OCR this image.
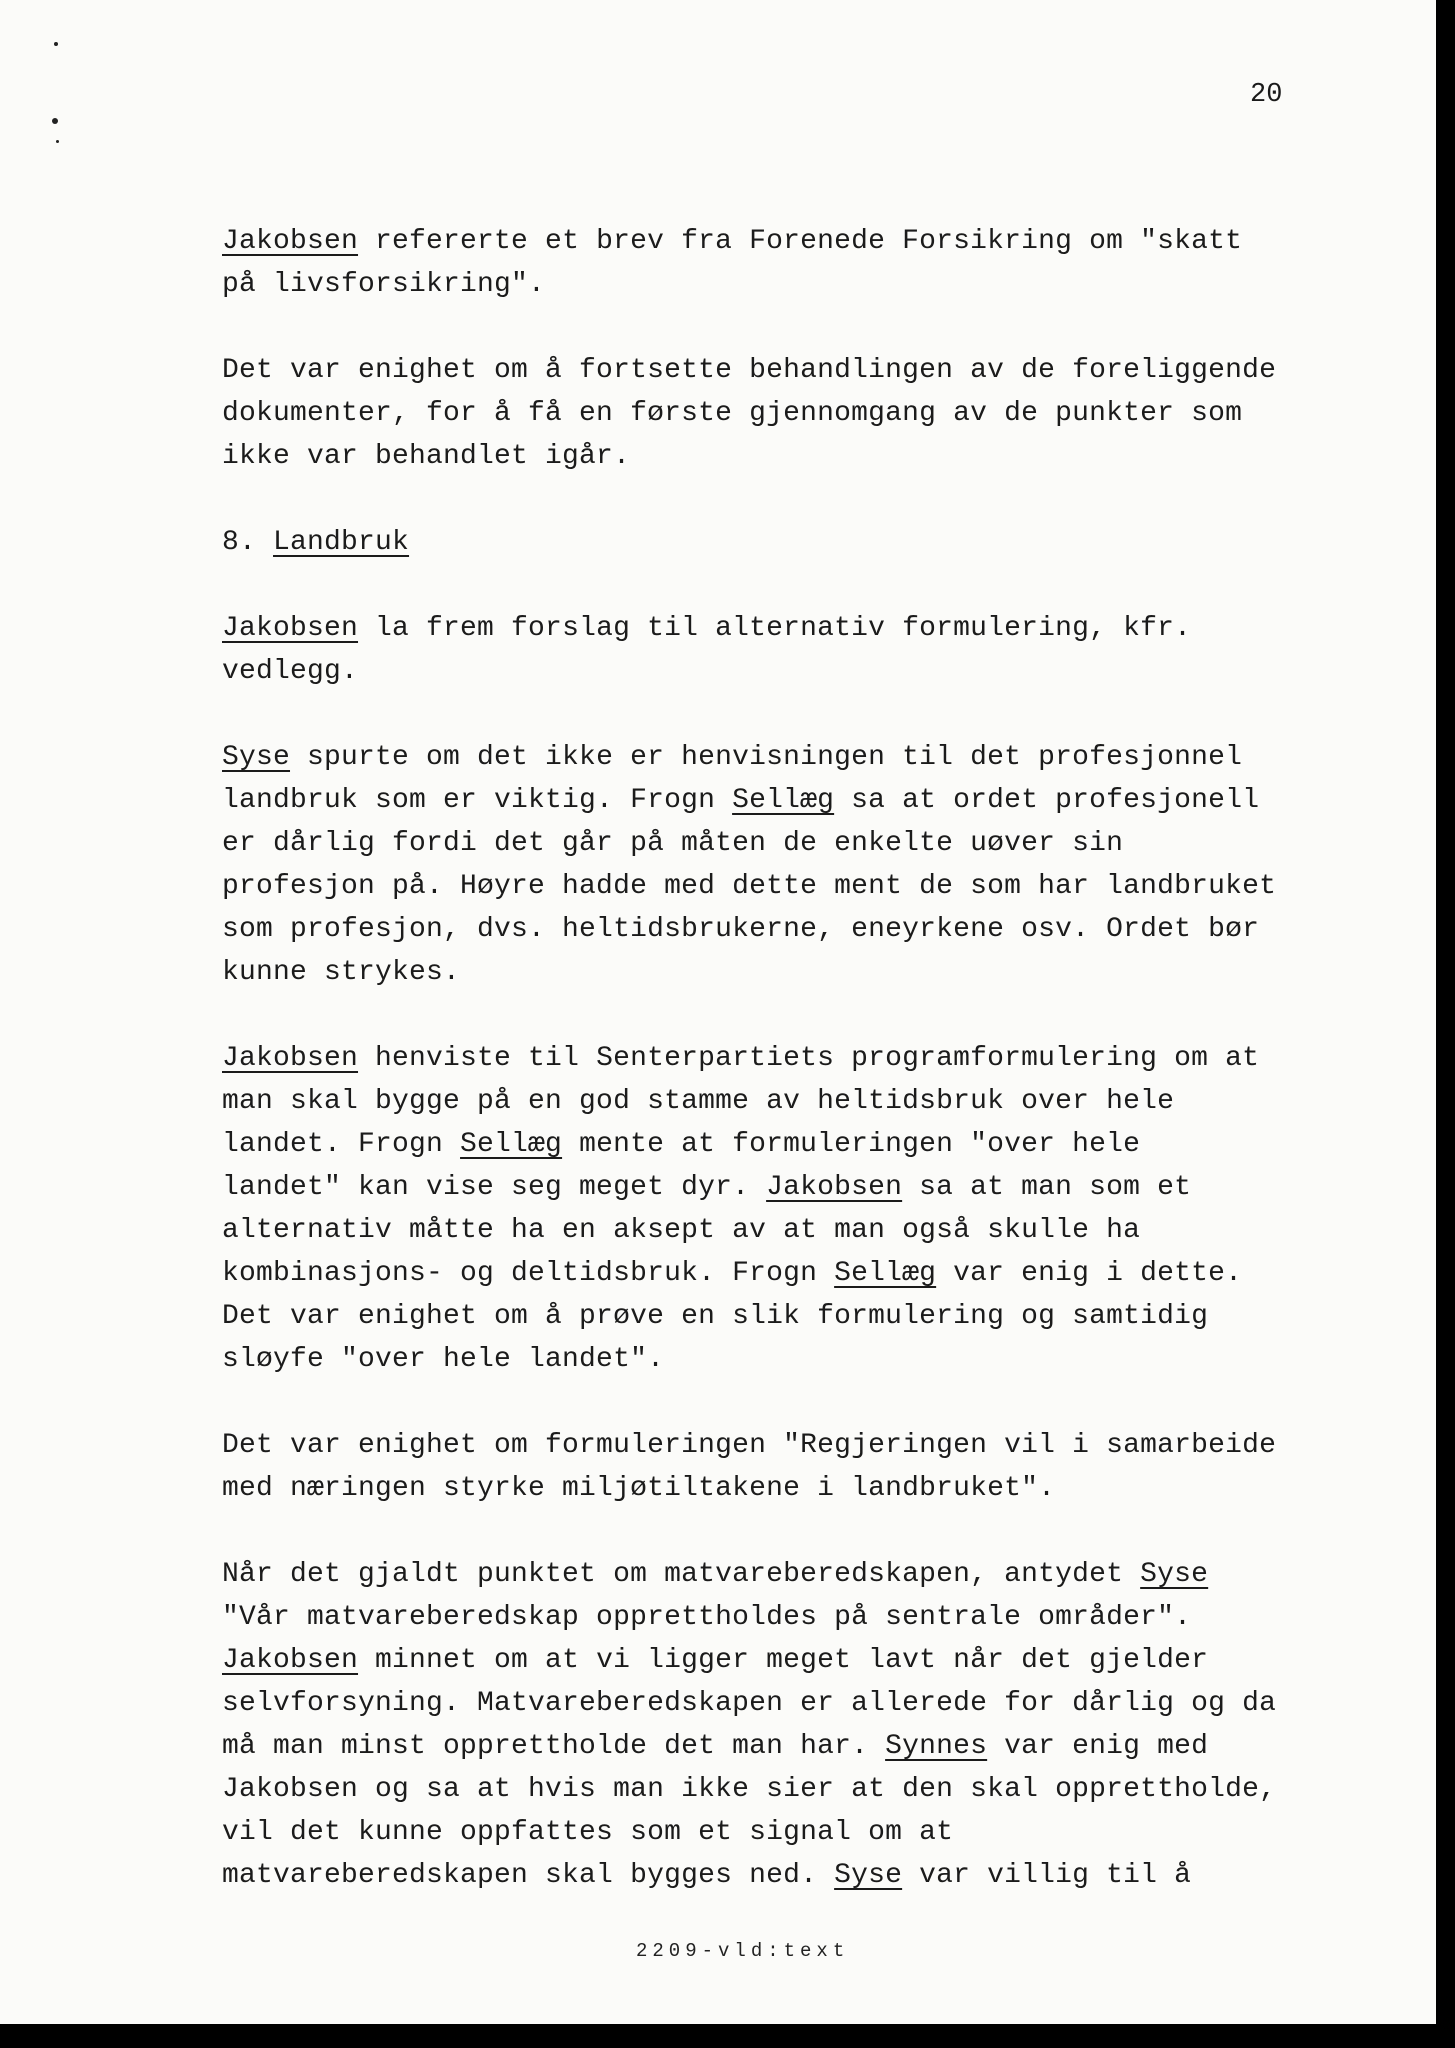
20
Jakobsen refererte et brev fra Forenede Forsikring om "skatt
på livsforsikring".
Det var enighet om å fortsette behandlingen av de foreliggende
dokumenter, for å få en første gjennomgang av de punkter som
ikke var behandlet igår.
8. Landbruk
Jakobsen la frem forslag til alternativ formulering, kfr.
vedlegg.
Syse spurte om det ikke er henvisningen til det profesjonnel
landbruk som er viktig. Frogn Sellæg sa at ordet profesjonell
er dårlig fordi det går på måten de enkelte uøver sin
profesjon på. Høyre hadde med dette ment de som har landbruket
som profesjon, dvs. heltidsbrukerne, eneyrkene osv. Ordet bør
kunne strykes.
Jakobsen henviste til Senterpartiets programformulering om at
man skal bygge på en god stamme av heltidsbruk over hele
landet. Frogn Sellæg mente at formuleringen "over hele
landet" kan vise seg meget dyr. Jakobsen sa at man som et
alternativ måtte ha en aksept av at man også skulle ha
kombinasjons- og deltidsbruk. Frogn Sellæg var enig i dette.
Det var enighet om å prøve en slik formulering og samtidig
sløyfe "over hele landet".
Det var enighet om formuleringen "Regjeringen vil i samarbeide
med næringen styrke miljøtiltakene i landbruket".
Når det gjaldt punktet om matvareberedskapen, antydet Syse
"Vår matvareberedskap opprettholdes på sentrale områder".
Jakobsen minnet om at vi ligger meget lavt når det gjelder
selvforsyning. Matvareberedskapen er allerede for dårlig og da
må man minst opprettholde det man har. Synnes var enig med
Jakobsen og sa at hvis man ikke sier at den skal opprettholde,
vil det kunne oppfattes som et signal om at
matvareberedskapen skal bygges ned. Syse var villig til å
2209-vld:text
